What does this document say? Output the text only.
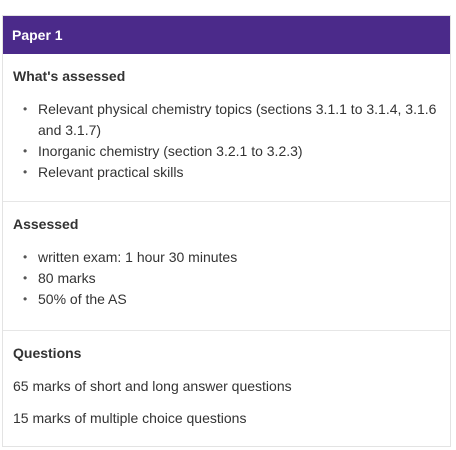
Paper 1
What's assessed
• Relevant physical chemistry topics (sections 3.1.1 to 3.1.4, 3.1.6 and 3.1.7)
• Inorganic chemistry (section 3.2.1 to 3.2.3)
• Relevant practical skills
Assessed
• written exam: 1 hour 30 minutes
• 80 marks
• 50% of the AS
Questions

65 marks of short and long answer questions

15 marks of multiple choice questions
